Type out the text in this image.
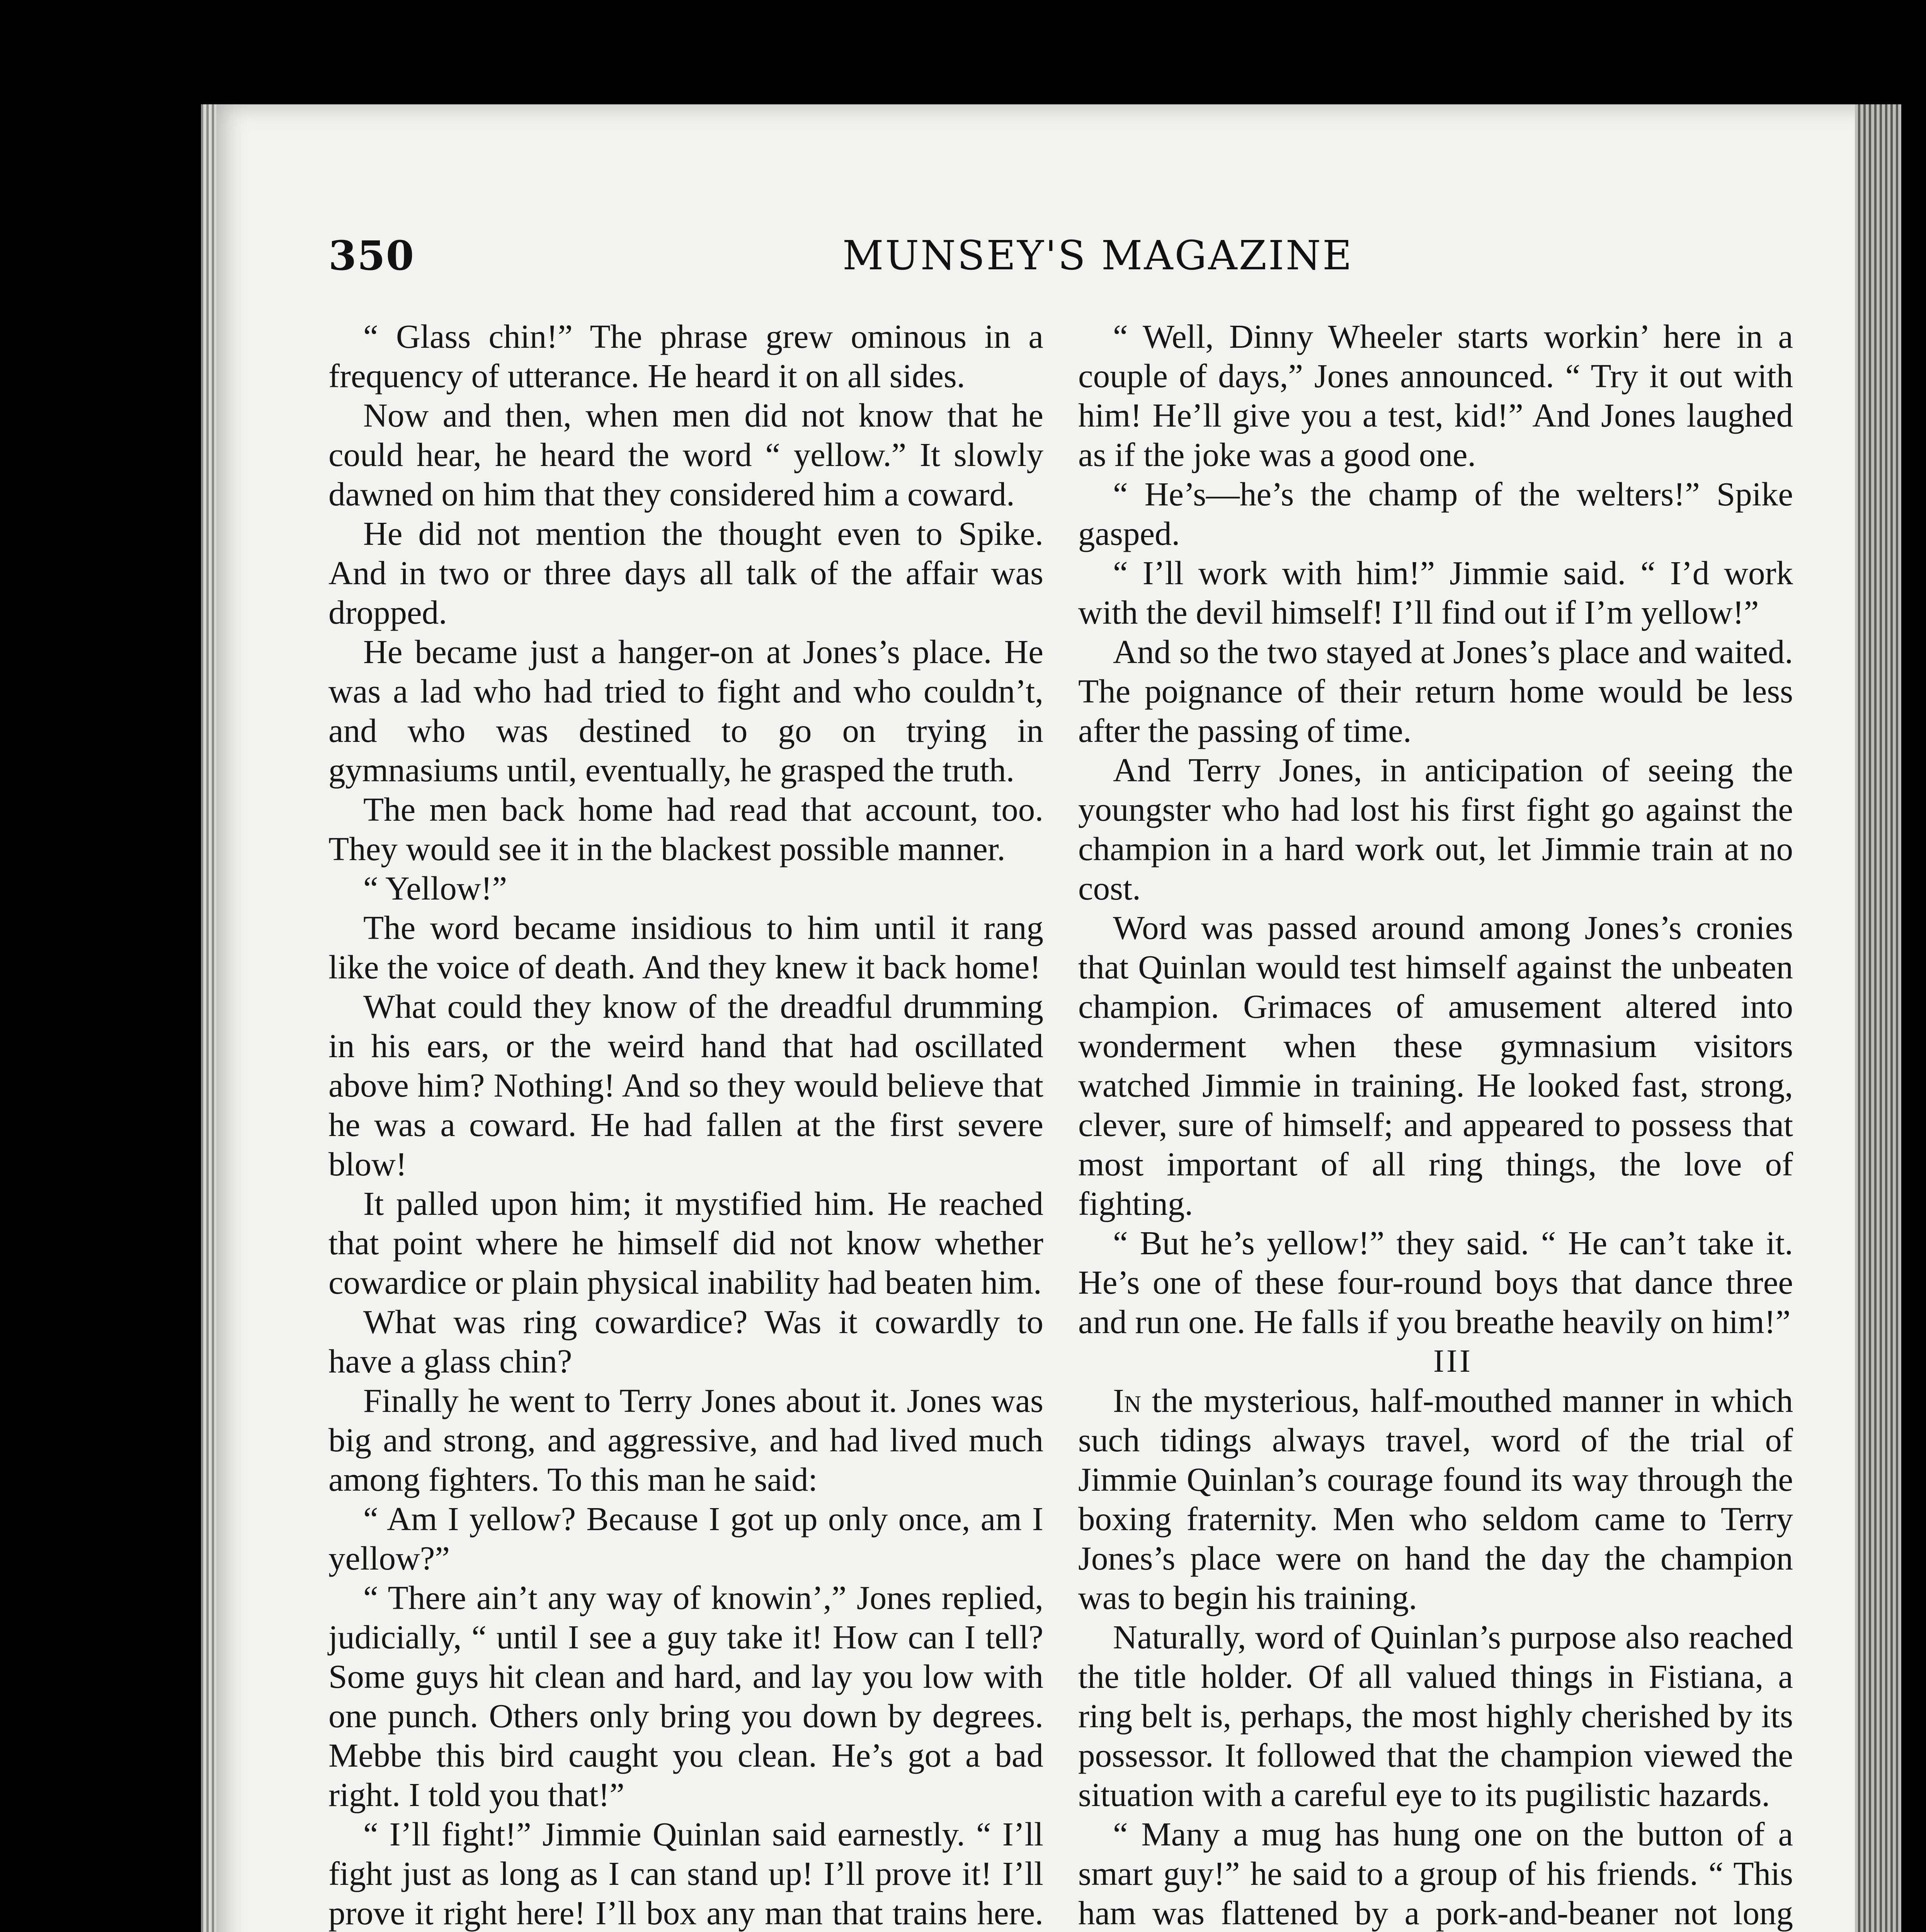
350	MUNSEY'S MAGAZINE

“ Glass chin!” The phrase grew ominous in a frequency of utterance. He heard it on all sides.

Now and then, when men did not know that he could hear, he heard the word “ yellow.” It slowly dawned on him that they considered him a coward.

He did not mention the thought even to Spike. And in two or three days all talk of the affair was dropped.

He became just a hanger-on at Jones’s place. He was a lad who had tried to fight and who couldn’t, and who was destined to go on trying in gymnasiums until, eventually, he grasped the truth.

The men back home had read that account, too. They would see it in the blackest possible manner.

“ Yellow!”

The word became insidious to him until it rang like the voice of death. And they knew it back home!

What could they know of the dreadful drumming in his ears, or the weird hand that had oscillated above him? Nothing! And so they would believe that he was a coward. He had fallen at the first severe blow!

It palled upon him; it mystified him. He reached that point where he himself did not know whether cowardice or plain physical inability had beaten him.

What was ring cowardice? Was it cowardly to have a glass chin?

Finally he went to Terry Jones about it. Jones was big and strong, and aggressive, and had lived much among fighters. To this man he said:

“ Am I yellow? Because I got up only once, am I yellow?”

“ There ain’t any way of knowin’,” Jones replied, judicially, “ until I see a guy take it! How can I tell? Some guys hit clean and hard, and lay you low with one punch. Others only bring you down by degrees. Mebbe this bird caught you clean. He’s got a bad right. I told you that!”

“ I’ll fight!” Jimmie Quinlan said earnestly. “ I’ll fight just as long as I can stand up! I’ll prove it! I’ll prove it right here! I’ll box any man that trains here.

“ Well, Dinny Wheeler starts workin’ here in a couple of days,” Jones announced. “ Try it out with him! He’ll give you a test, kid!” And Jones laughed as if the joke was a good one.

“ He’s—he’s the champ of the welters!” Spike gasped.

“ I’ll work with him!” Jimmie said. “ I’d work with the devil himself! I’ll find out if I’m yellow!”

And so the two stayed at Jones’s place and waited. The poignance of their return home would be less after the passing of time.

And Terry Jones, in anticipation of seeing the youngster who had lost his first fight go against the champion in a hard work out, let Jimmie train at no cost.

Word was passed around among Jones’s cronies that Quinlan would test himself against the unbeaten champion. Grimaces of amusement altered into wonderment when these gymnasium visitors watched Jimmie in training. He looked fast, strong, clever, sure of himself; and appeared to possess that most important of all ring things, the love of fighting.

“ But he’s yellow!” they said. “ He can’t take it. He’s one of these four-round boys that dance three and run one. He falls if you breathe heavily on him!”

III

In the mysterious, half-mouthed manner in which such tidings always travel, word of the trial of Jimmie Quinlan’s courage found its way through the boxing fraternity. Men who seldom came to Terry Jones’s place were on hand the day the champion was to begin his training.

Naturally, word of Quinlan’s purpose also reached the title holder. Of all valued things in Fistiana, a ring belt is, perhaps, the most highly cherished by its possessor. It followed that the champion viewed the situation with a careful eye to its pugilistic hazards.

“ Many a mug has hung one on the button of a smart guy!” he said to a group of his friends. “ This ham was flattened by a pork-and-beaner not long
